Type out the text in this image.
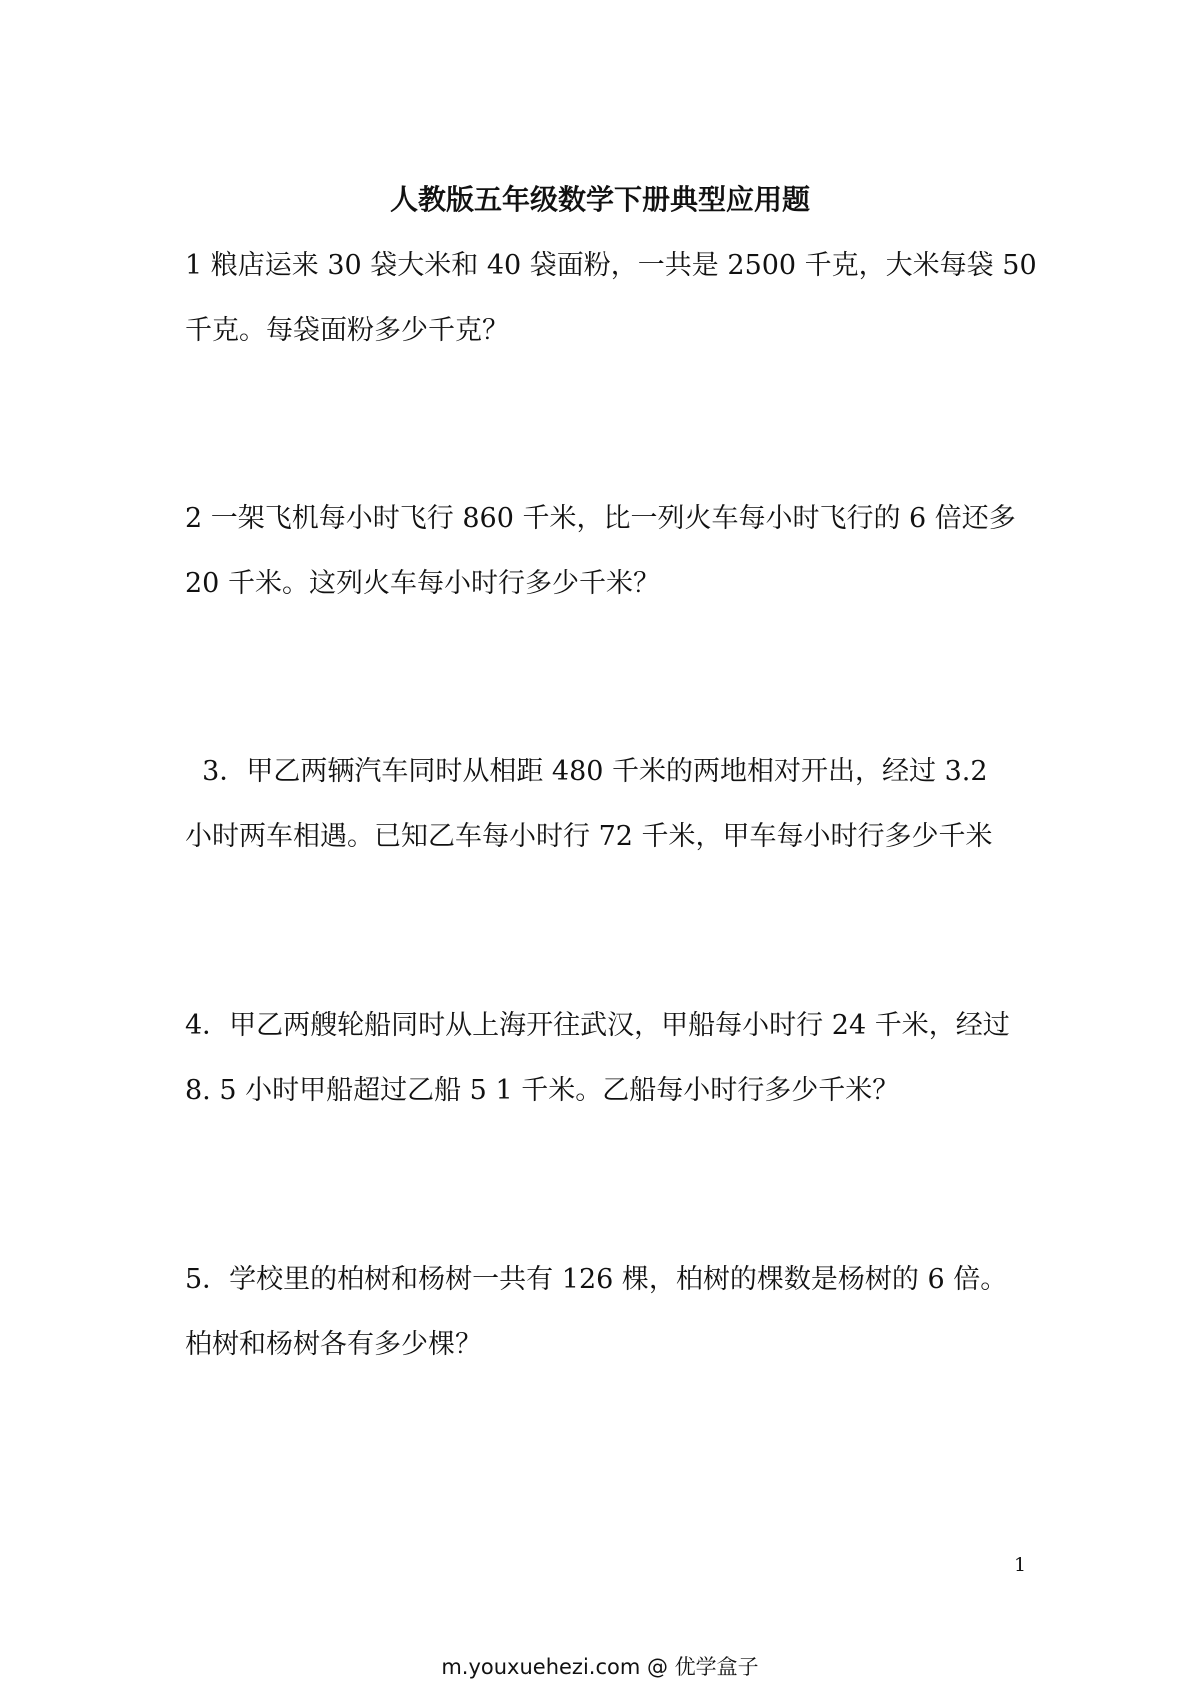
人教版五年级数学下册典型应用题
1 粮店运来 30 袋大米和 40 袋面粉，一共是 2500 千克，大米每袋 50
千克。每袋面粉多少千克？
2 一架飞机每小时飞行 860 千米，比一列火车每小时飞行的 6 倍还多
20 千米。这列火车每小时行多少千米？
3．甲乙两辆汽车同时从相距 480 千米的两地相对开出，经过 3.2
小时两车相遇。已知乙车每小时行 72 千米，甲车每小时行多少千米
4．甲乙两艘轮船同时从上海开往武汉，甲船每小时行 24 千米，经过
8. 5 小时甲船超过乙船 5 1 千米。乙船每小时行多少千米？
5．学校里的柏树和杨树一共有 126 棵，柏树的棵数是杨树的 6 倍。
柏树和杨树各有多少棵？
1
m.youxuehezi.com @ 优学盒子
